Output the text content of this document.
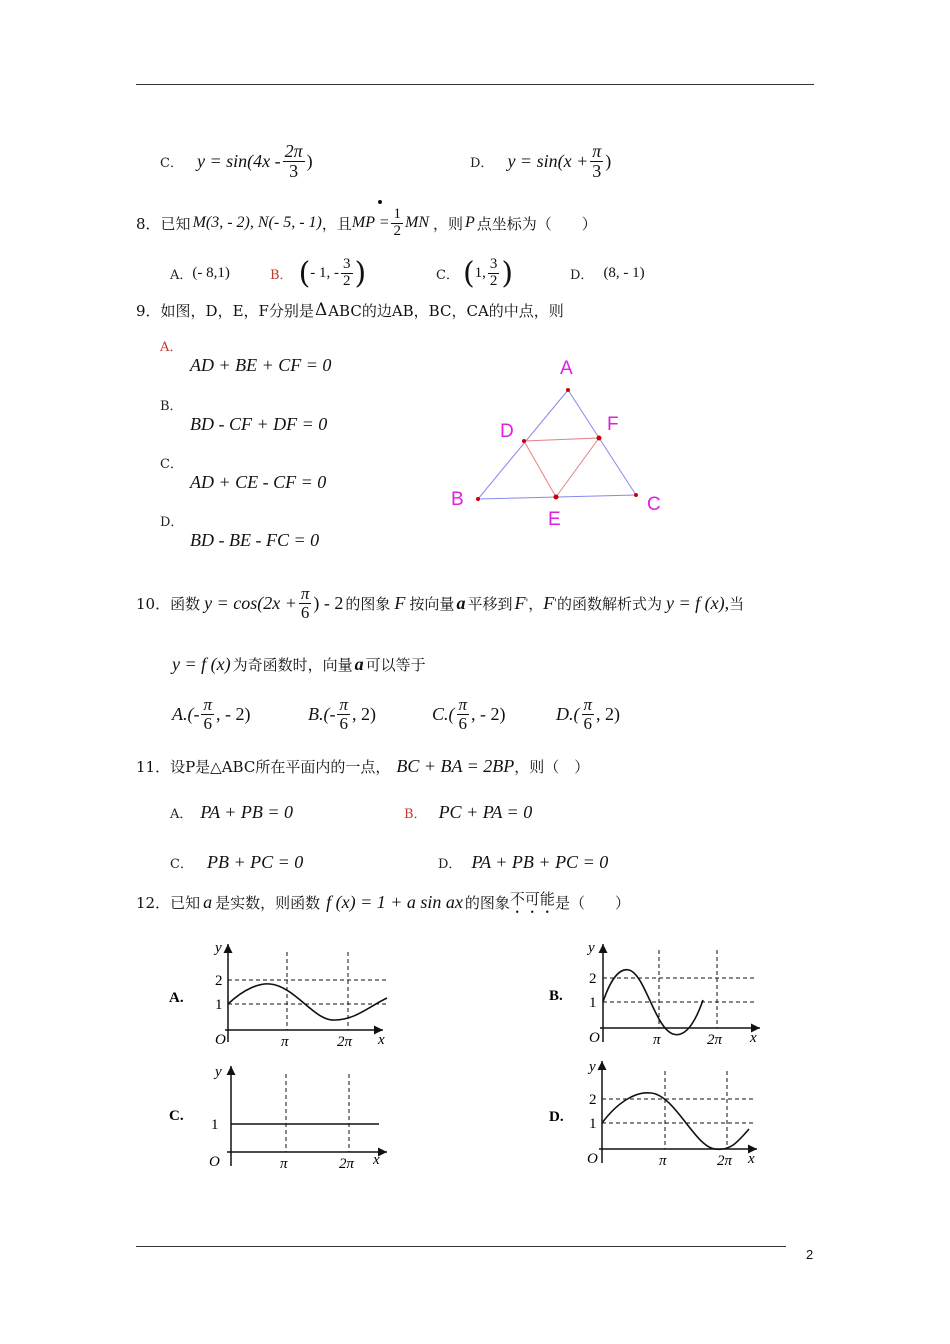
C． $y = \sin(4x - \frac{2\pi}{3}$ )	D． $y = \sin(x + \frac{\pi}{3}$ )
8． 已知 M(3, - 2), N(- 5, - 1) ，且 MP = $\frac{1}{2}$ MN ，则 P 点坐标为（　　）
A． (- 8,1)	B． ( - 1, - $\frac{3}{2}$ )	C． ( 1, $\frac{3}{2}$ )	D． (8, - 1)
9． 如图，D，E，F分别是 Δ ABC的边AB，BC，CA的中点，则
A．
AD + BE + CF = 0
B．
BD - CF + DF = 0
C．
AD + CE - CF = 0
D．
BD - BE - FC = 0
A
B	C
D
E
F
10． 函数 $y = \cos(2x + \frac{\pi}{6}$ ) - 2 的图象 F 按向量 a 平移到 F ' ， F ' 的函数解析式为 y = f (x), 当
y = f (x) 为奇函数时，向量 a 可以等于
$A.(- \frac{\pi}{6}$ , - 2)	$B.(- \frac{\pi}{6}$ , 2)	$C.( \frac{\pi}{6}$ , - 2)	$D.( \frac{\pi}{6}$ , 2)
11． 设P是△ABC所在平面内的一点， BC + BA = 2BP ，则（　）
A． PA + PB = 0	B． PC + PA = 0
C． PB + PC = 0	D． PA + PB + PC = 0
12． 已知 a 是实数，则函数 f (x) = 1 + a sin ax 的图象 不可能 是（　　）
A.
y
2
1
O	π	2π x
B.
y
2
1
O	π	2π x
C.
y
1
O	π	2π x
D.
y
2
1
O	π	2π x
2
